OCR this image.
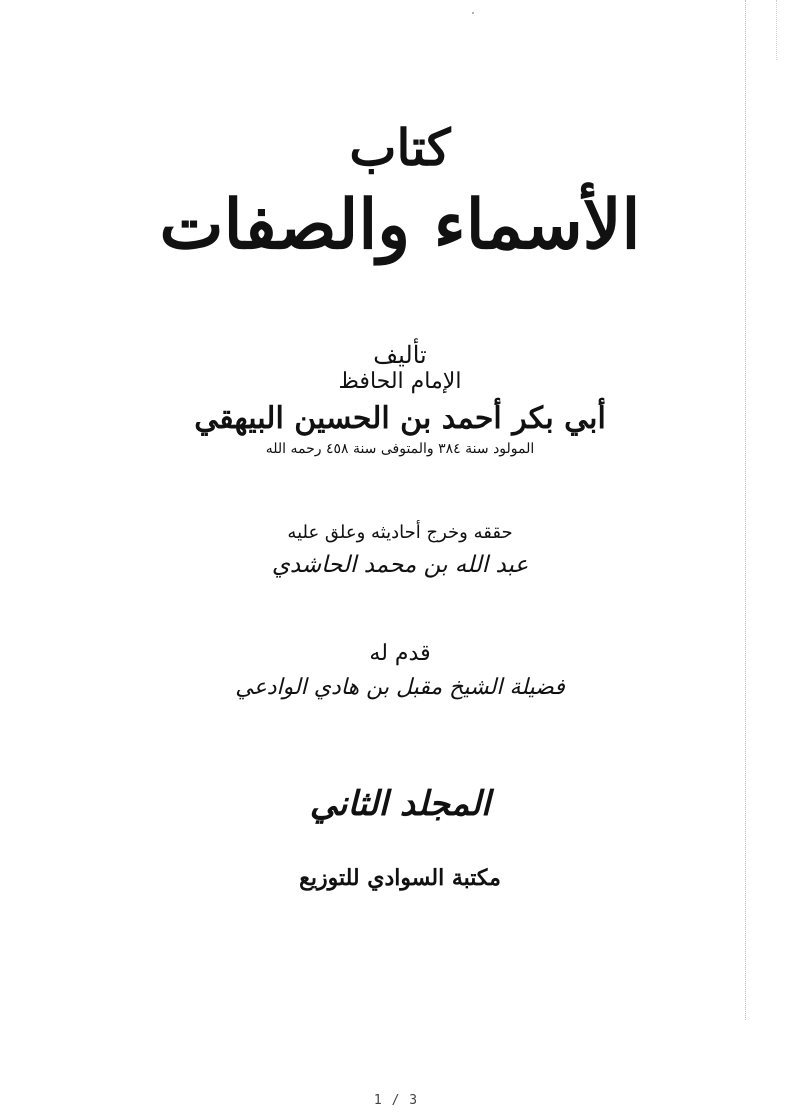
كتاب
الأسماء والصفات
تأليف
الإمام الحافظ
أبي بكر أحمد بن الحسين البيهقي
المولود سنة ٣٨٤ والمتوفى سنة ٤٥٨ رحمه الله
حققه وخرج أحاديثه وعلق عليه
عبد الله بن محمد الحاشدي
قدم له
فضيلة الشيخ مقبل بن هادي الوادعي
المجلد الثاني
مكتبة السوادي للتوزيع
1 / 3
